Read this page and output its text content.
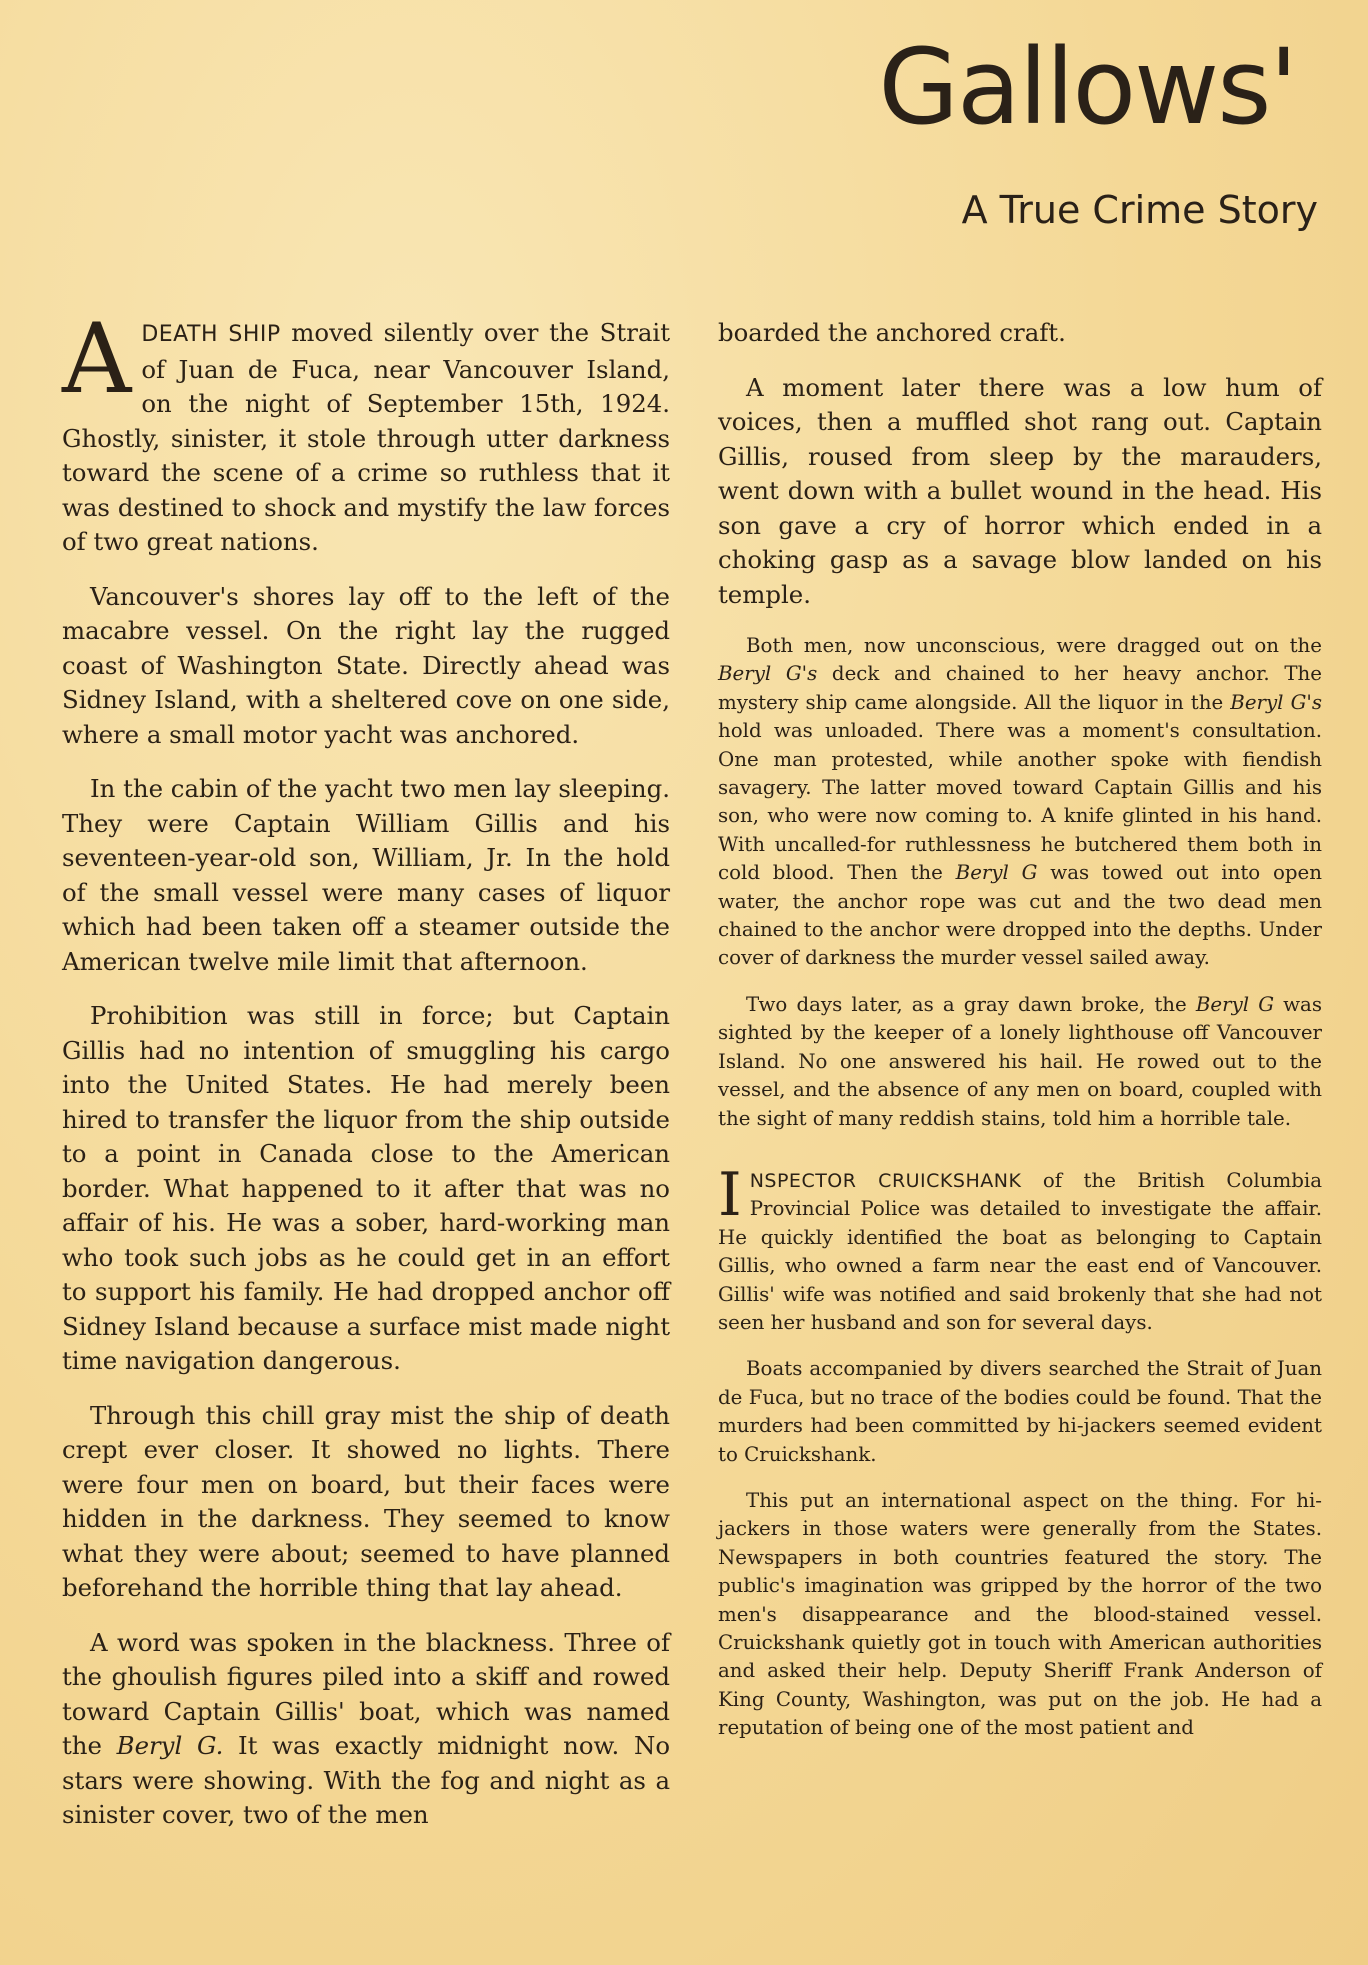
Gallows'
A True Crime Story

ADEATH SHIP moved silently over the Strait of Juan de Fuca, near Vancouver Island, on the night of September 15th, 1924. Ghostly, sinister, it stole through utter darkness toward the scene of a crime so ruthless that it was destined to shock and mystify the law forces of two great nations.

Vancouver's shores lay off to the left of the macabre vessel. On the right lay the rugged coast of Washington State. Directly ahead was Sidney Island, with a sheltered cove on one side, where a small motor yacht was anchored.

In the cabin of the yacht two men lay sleeping. They were Captain William Gillis and his seventeen-year-old son, William, Jr. In the hold of the small vessel were many cases of liquor which had been taken off a steamer outside the American twelve mile limit that afternoon.

Prohibition was still in force; but Captain Gillis had no intention of smuggling his cargo into the United States. He had merely been hired to transfer the liquor from the ship outside to a point in Canada close to the American border. What happened to it after that was no affair of his. He was a sober, hard-working man who took such jobs as he could get in an effort to support his family. He had dropped anchor off Sidney Island because a surface mist made night time navigation dangerous.

Through this chill gray mist the ship of death crept ever closer. It showed no lights. There were four men on board, but their faces were hidden in the darkness. They seemed to know what they were about; seemed to have planned beforehand the horrible thing that lay ahead.

A word was spoken in the blackness. Three of the ghoulish figures piled into a skiff and rowed toward Captain Gillis' boat, which was named the Beryl G. It was exactly midnight now. No stars were showing. With the fog and night as a sinister cover, two of the men

boarded the anchored craft.

A moment later there was a low hum of voices, then a muffled shot rang out. Captain Gillis, roused from sleep by the marauders, went down with a bullet wound in the head. His son gave a cry of horror which ended in a choking gasp as a savage blow landed on his temple.

Both men, now unconscious, were dragged out on the Beryl G's deck and chained to her heavy anchor. The mystery ship came alongside. All the liquor in the Beryl G's hold was unloaded. There was a moment's consultation. One man protested, while another spoke with fiendish savagery. The latter moved toward Captain Gillis and his son, who were now coming to. A knife glinted in his hand. With uncalled-for ruthlessness he butchered them both in cold blood. Then the Beryl G was towed out into open water, the anchor rope was cut and the two dead men chained to the anchor were dropped into the depths. Under cover of darkness the murder vessel sailed away.

Two days later, as a gray dawn broke, the Beryl G was sighted by the keeper of a lonely lighthouse off Vancouver Island. No one answered his hail. He rowed out to the vessel, and the absence of any men on board, coupled with the sight of many reddish stains, told him a horrible tale.

INSPECTOR CRUICKSHANK of the British Columbia Provincial Police was detailed to investigate the affair. He quickly identified the boat as belonging to Captain Gillis, who owned a farm near the east end of Vancouver. Gillis' wife was notified and said brokenly that she had not seen her husband and son for several days.

Boats accompanied by divers searched the Strait of Juan de Fuca, but no trace of the bodies could be found. That the murders had been committed by hi-jackers seemed evident to Cruickshank.

This put an international aspect on the thing. For hi-jackers in those waters were generally from the States. Newspapers in both countries featured the story. The public's imagination was gripped by the horror of the two men's disappearance and the blood-stained vessel. Cruickshank quietly got in touch with American authorities and asked their help. Deputy Sheriff Frank Anderson of King County, Washington, was put on the job. He had a reputation of being one of the most patient and
